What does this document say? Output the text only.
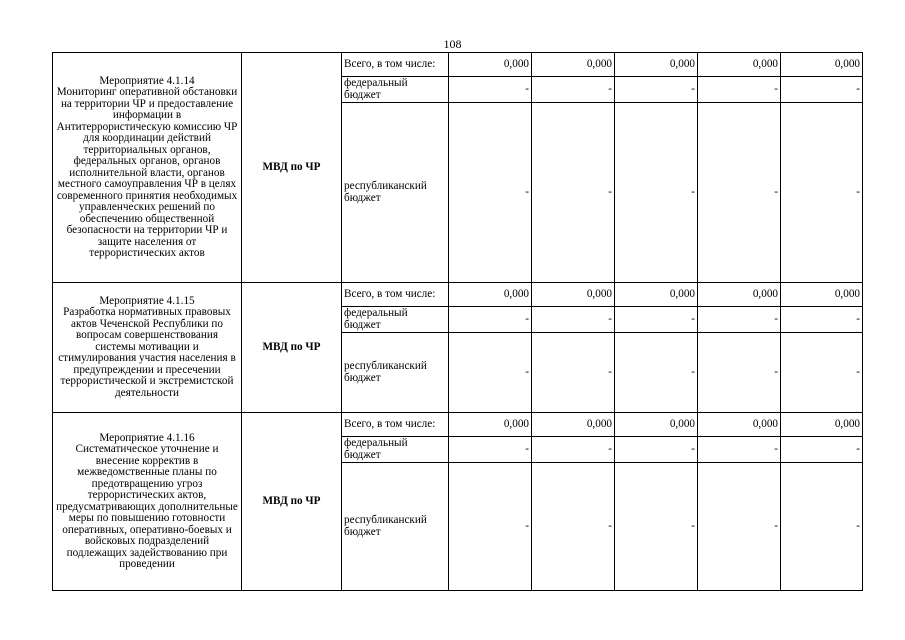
108
Мероприятие 4.1.14
Мониторинг оперативной обстановки на территории ЧР и предоставление информации в Антитеррористическую комиссию ЧР для координации действий территориальных органов, федеральных органов, органов исполнительной власти, органов местного самоуправления ЧР в целях современного принятия необходимых управленческих решений по обеспечению общественной безопасности на территории ЧР и защите населения от террористических актов	МВД по ЧР	Всего, в том числе:	0,000	0,000	0,000	0,000	0,000
		федеральный бюджет	-	-	-	-	-
		республиканский бюджет	-	-	-	-	-
Мероприятие 4.1.15
Разработка нормативных правовых актов Чеченской Республики по вопросам совершенствования системы мотивации и стимулирования участия населения в предупреждении и пресечении террористической и экстремистской деятельности	МВД по ЧР	Всего, в том числе:	0,000	0,000	0,000	0,000	0,000
		федеральный бюджет	-	-	-	-	-
		республиканский бюджет	-	-	-	-	-
Мероприятие 4.1.16
Систематическое уточнение и внесение корректив в межведомственные планы по предотвращению угроз террористических актов, предусматривающих дополнительные меры по повышению готовности оперативных, оперативно-боевых и войсковых подразделений подлежащих задействованию при проведении	МВД по ЧР	Всего, в том числе:	0,000	0,000	0,000	0,000	0,000
		федеральный бюджет	-	-	-	-	-
		республиканский бюджет	-	-	-	-	-
